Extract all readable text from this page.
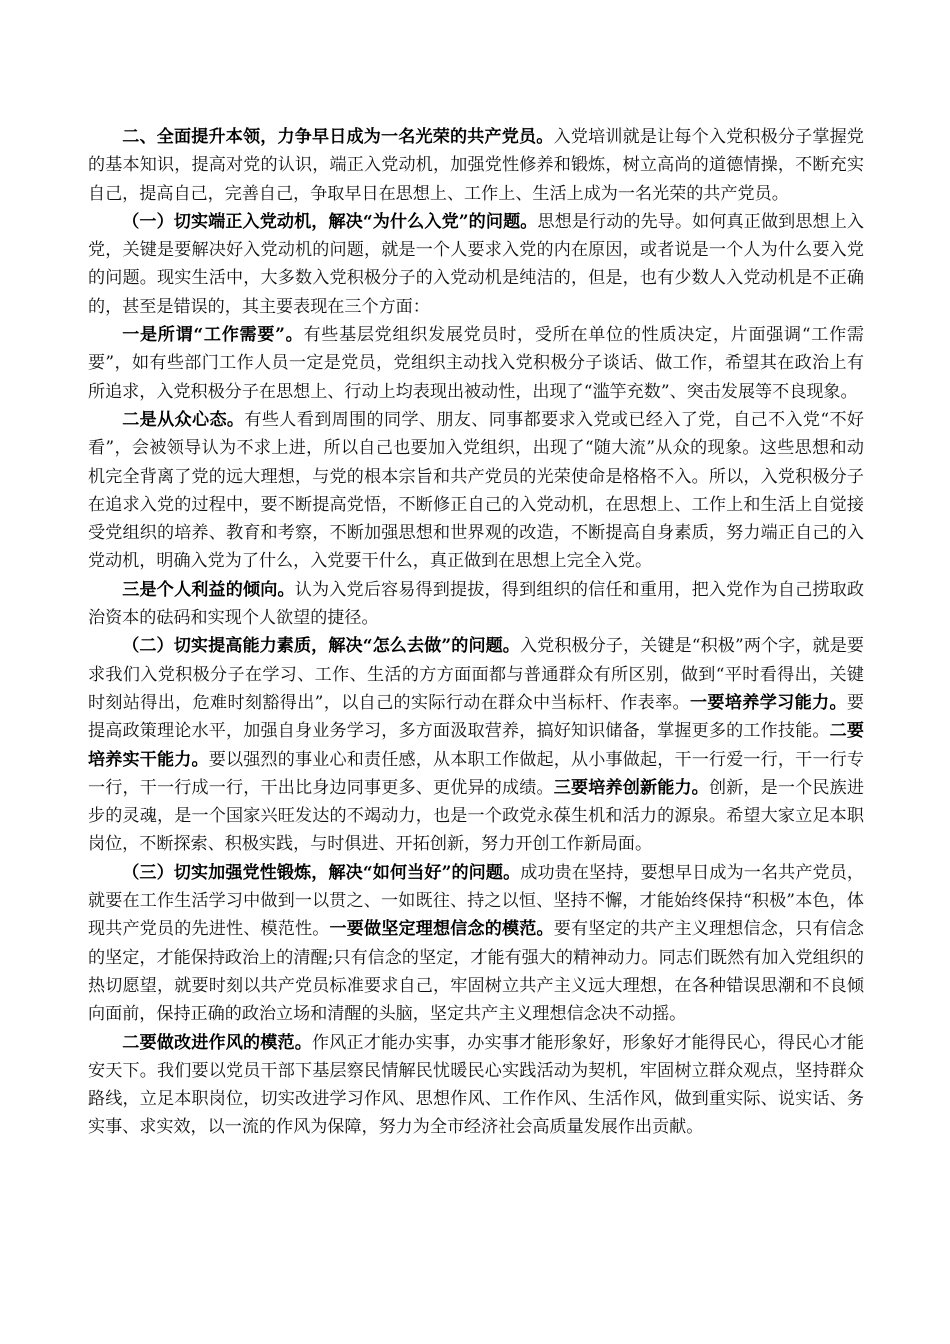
二、全面提升本领，力争早日成为一名光荣的共产党员。入党培训就是让每个入党积极分子掌握党的基本知识，提高对党的认识，端正入党动机，加强党性修养和锻炼，树立高尚的道德情操，不断充实自己，提高自己，完善自己，争取早日在思想上、工作上、生活上成为一名光荣的共产党员。

（一）切实端正入党动机，解决“为什么入党”的问题。思想是行动的先导。如何真正做到思想上入党，关键是要解决好入党动机的问题，就是一个人要求入党的内在原因，或者说是一个人为什么要入党的问题。现实生活中，大多数入党积极分子的入党动机是纯洁的，但是，也有少数人入党动机是不正确的，甚至是错误的，其主要表现在三个方面：

一是所谓“工作需要”。有些基层党组织发展党员时，受所在单位的性质决定，片面强调“工作需要”，如有些部门工作人员一定是党员，党组织主动找入党积极分子谈话、做工作，希望其在政治上有所追求，入党积极分子在思想上、行动上均表现出被动性，出现了“滥竽充数”、突击发展等不良现象。

二是从众心态。有些人看到周围的同学、朋友、同事都要求入党或已经入了党，自己不入党“不好看”，会被领导认为不求上进，所以自己也要加入党组织，出现了“随大流”从众的现象。这些思想和动机完全背离了党的远大理想，与党的根本宗旨和共产党员的光荣使命是格格不入。所以，入党积极分子在追求入党的过程中，要不断提高党悟，不断修正自己的入党动机，在思想上、工作上和生活上自觉接受党组织的培养、教育和考察，不断加强思想和世界观的改造，不断提高自身素质，努力端正自己的入党动机，明确入党为了什么，入党要干什么，真正做到在思想上完全入党。

三是个人利益的倾向。认为入党后容易得到提拔，得到组织的信任和重用，把入党作为自己捞取政治资本的砝码和实现个人欲望的捷径。

（二）切实提高能力素质，解决“怎么去做”的问题。入党积极分子，关键是“积极”两个字，就是要求我们入党积极分子在学习、工作、生活的方方面面都与普通群众有所区别，做到“平时看得出，关键时刻站得出，危难时刻豁得出”，以自己的实际行动在群众中当标杆、作表率。一要培养学习能力。要提高政策理论水平，加强自身业务学习，多方面汲取营养，搞好知识储备，掌握更多的工作技能。二要培养实干能力。要以强烈的事业心和责任感，从本职工作做起，从小事做起，干一行爱一行，干一行专一行，干一行成一行，干出比身边同事更多、更优异的成绩。三要培养创新能力。创新，是一个民族进步的灵魂，是一个国家兴旺发达的不竭动力，也是一个政党永葆生机和活力的源泉。希望大家立足本职岗位，不断探索、积极实践，与时俱进、开拓创新，努力开创工作新局面。

（三）切实加强党性锻炼，解决“如何当好”的问题。成功贵在坚持，要想早日成为一名共产党员，就要在工作生活学习中做到一以贯之、一如既往、持之以恒、坚持不懈，才能始终保持“积极”本色，体现共产党员的先进性、模范性。一要做坚定理想信念的模范。要有坚定的共产主义理想信念，只有信念的坚定，才能保持政治上的清醒;只有信念的坚定，才能有强大的精神动力。同志们既然有加入党组织的热切愿望，就要时刻以共产党员标准要求自己，牢固树立共产主义远大理想，在各种错误思潮和不良倾向面前，保持正确的政治立场和清醒的头脑，坚定共产主义理想信念决不动摇。

二要做改进作风的模范。作风正才能办实事，办实事才能形象好，形象好才能得民心，得民心才能安天下。我们要以党员干部下基层察民情解民忧暖民心实践活动为契机，牢固树立群众观点，坚持群众路线，立足本职岗位，切实改进学习作风、思想作风、工作作风、生活作风，做到重实际、说实话、务实事、求实效，以一流的作风为保障，努力为全市经济社会高质量发展作出贡献。
